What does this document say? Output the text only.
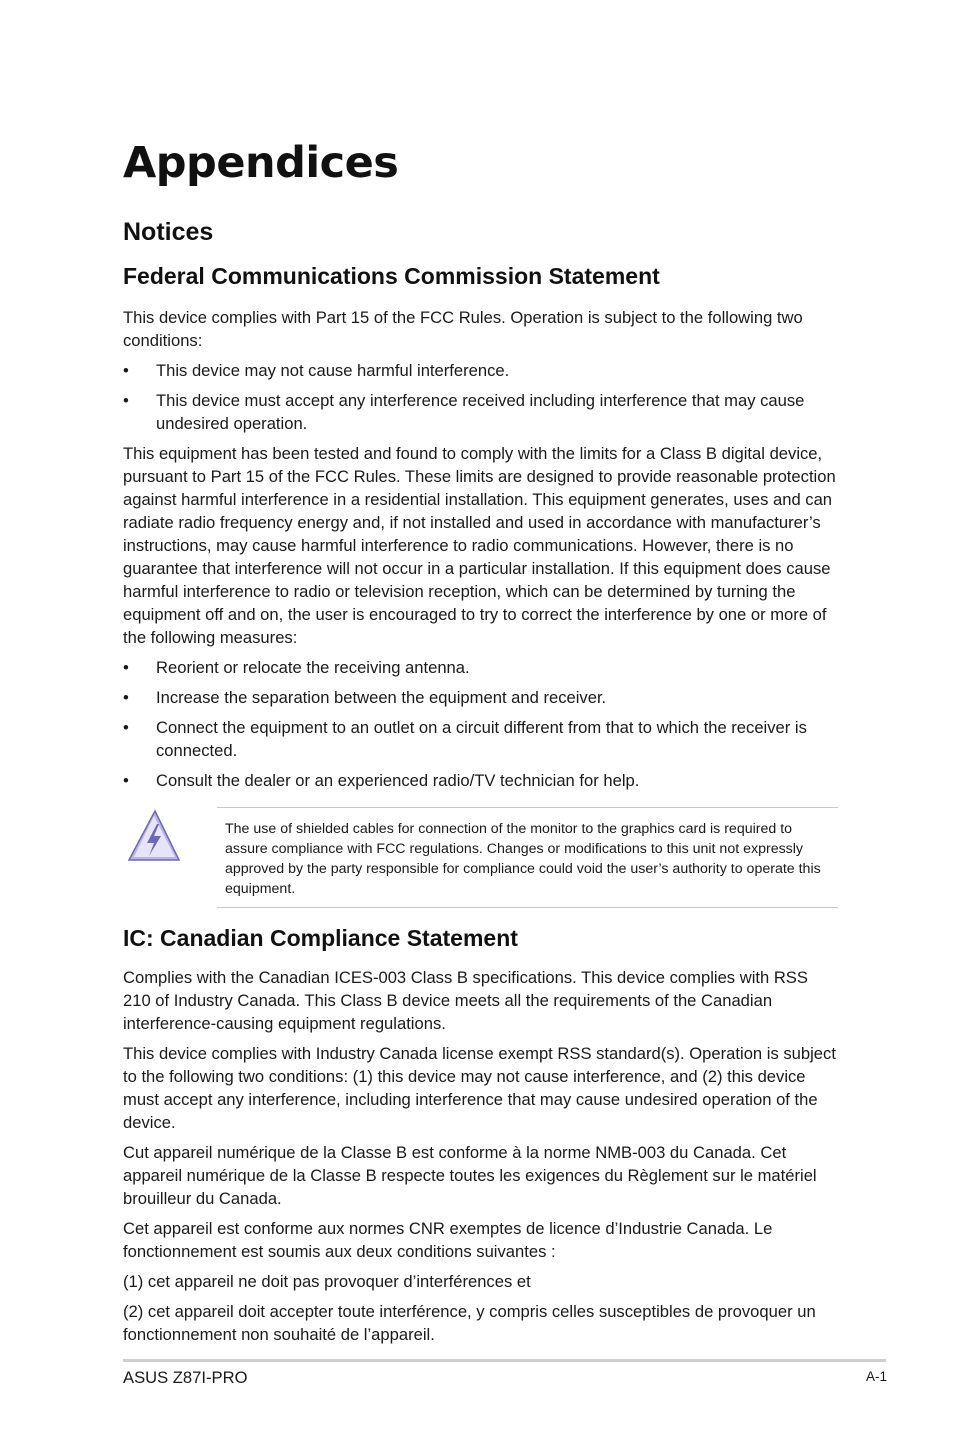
Appendices
Notices
Federal Communications Commission Statement

This device complies with Part 15 of the FCC Rules. Operation is subject to the following two conditions:

• This device may not cause harmful interference.
• This device must accept any interference received including interference that may cause undesired operation.

This equipment has been tested and found to comply with the limits for a Class B digital device, pursuant to Part 15 of the FCC Rules. These limits are designed to provide reasonable protection against harmful interference in a residential installation. This equipment generates, uses and can radiate radio frequency energy and, if not installed and used in accordance with manufacturer’s instructions, may cause harmful interference to radio communications. However, there is no guarantee that interference will not occur in a particular installation. If this equipment does cause harmful interference to radio or television reception, which can be determined by turning the equipment off and on, the user is encouraged to try to correct the interference by one or more of the following measures:

• Reorient or relocate the receiving antenna.
• Increase the separation between the equipment and receiver.
• Connect the equipment to an outlet on a circuit different from that to which the receiver is connected.
• Consult the dealer or an experienced radio/TV technician for help.
The use of shielded cables for connection of the monitor to the graphics card is required to assure compliance with FCC regulations. Changes or modifications to this unit not expressly approved by the party responsible for compliance could void the user’s authority to operate this equipment.
IC: Canadian Compliance Statement

Complies with the Canadian ICES-003 Class B specifications. This device complies with RSS 210 of Industry Canada. This Class B device meets all the requirements of the Canadian interference-causing equipment regulations.

This device complies with Industry Canada license exempt RSS standard(s). Operation is subject to the following two conditions: (1) this device may not cause interference, and (2) this device must accept any interference, including interference that may cause undesired operation of the device.

Cut appareil numérique de la Classe B est conforme à la norme NMB-003 du Canada. Cet appareil numérique de la Classe B respecte toutes les exigences du Règlement sur le matériel brouilleur du Canada.

Cet appareil est conforme aux normes CNR exemptes de licence d’Industrie Canada. Le fonctionnement est soumis aux deux conditions suivantes :

(1) cet appareil ne doit pas provoquer d’interférences et

(2) cet appareil doit accepter toute interférence, y compris celles susceptibles de provoquer un fonctionnement non souhaité de l’appareil.

ASUS Z87I-PRO	A-1
